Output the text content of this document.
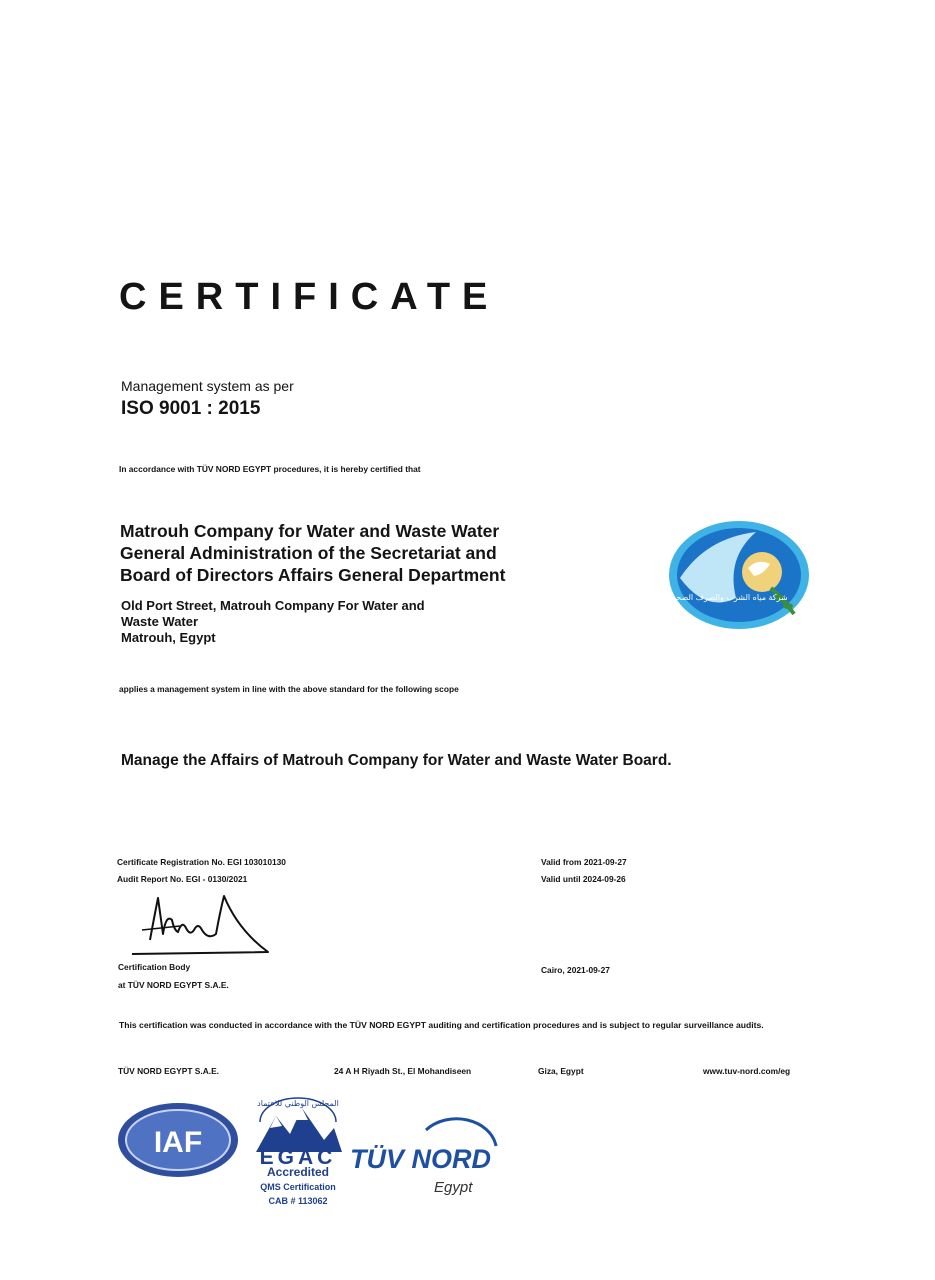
CERTIFICATE
Management system as per
ISO 9001 : 2015
In accordance with TÜV NORD EGYPT procedures, it is hereby certified that
Matrouh Company for Water and Waste Water
General Administration of the Secretariat and
Board of Directors Affairs General Department
Old Port Street, Matrouh Company For Water and
Waste Water
Matrouh, Egypt
شركة مياه الشرب والصرف الصحي بمطروح
applies a management system in line with the above standard for the following scope
Manage the Affairs of Matrouh Company for Water and Waste Water Board.
Certificate Registration No. EGI 103010130
Audit Report No. EGI - 0130/2021
Valid from 2021-09-27
Valid until 2024-09-26
Certification Body
at TÜV NORD EGYPT S.A.E.
Cairo, 2021-09-27
This certification was conducted in accordance with the TÜV NORD EGYPT auditing and certification procedures and is subject to regular surveillance audits.
TÜV NORD EGYPT S.A.E.	24 A H Riyadh St., El Mohandiseen	Giza, Egypt	www.tuv-nord.com/eg
IAF
المجلس الوطني للاعتماد
EGAC
Accredited
QMS Certification
CAB # 113062
TÜV NORD
Egypt
